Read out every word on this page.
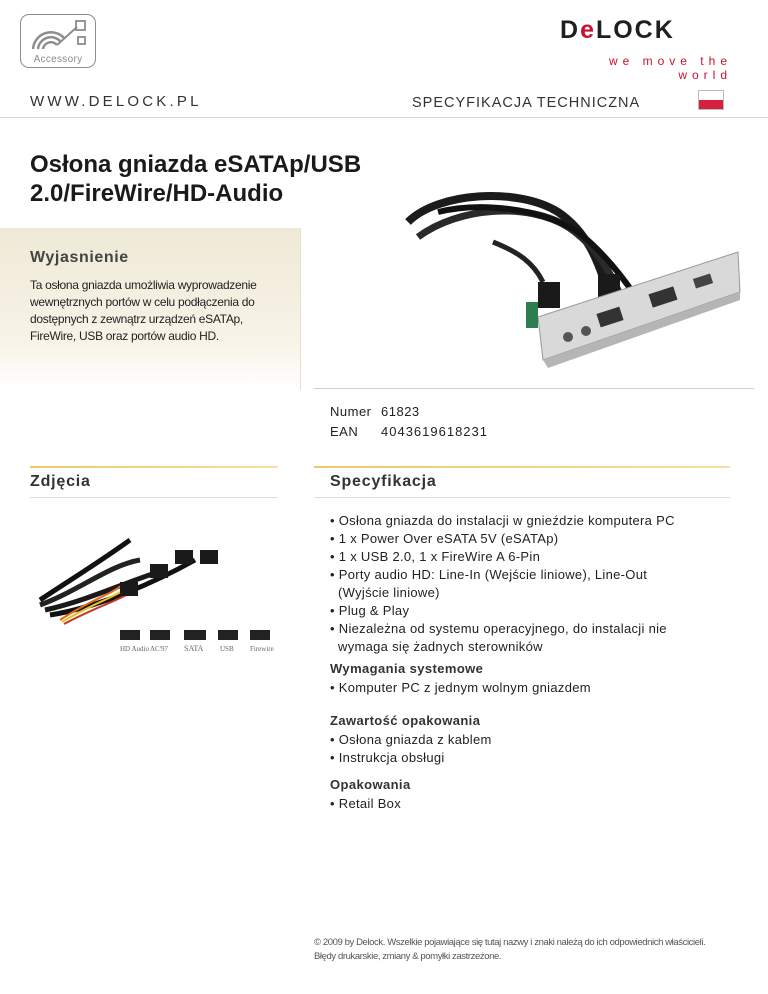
Accessory
DeLOCK
we move the world
WWW.DELOCK.PL	SPECYFIKACJA TECHNICZNA
Osłona gniazda eSATAp/USB
2.0/FireWire/HD-Audio
Wyjasnienie
Ta osłona gniazda umożliwia wyprowadzenie
wewnętrznych portów w celu podłączenia do
dostępnych z zewnątrz urządzeń eSATAp,
FireWire, USB oraz portów audio HD.
Numer 61823
EAN 4043619618231
Zdjęcia	Specyfikacja
HD Audio AC'97 SATA USB Firewire
• Osłona gniazda do instalacji w gnieździe komputera PC
• 1 x Power Over eSATA 5V (eSATAp)
• 1 x USB 2.0, 1 x FireWire A 6-Pin
• Porty audio HD: Line-In (Wejście liniowe), Line-Out
(Wyjście liniowe)
• Plug & Play
• Niezależna od systemu operacyjnego, do instalacji nie
wymaga się żadnych sterowników
Wymagania systemowe
• Komputer PC z jednym wolnym gniazdem
Zawartość opakowania
• Osłona gniazda z kablem
• Instrukcja obsługi
Opakowania
• Retail Box
© 2009 by Delock. Wszelkie pojawiające się tutaj nazwy i znaki należą do ich odpowiednich właścicieli.
Błędy drukarskie, zmiany & pomyłki zastrzeżone.
